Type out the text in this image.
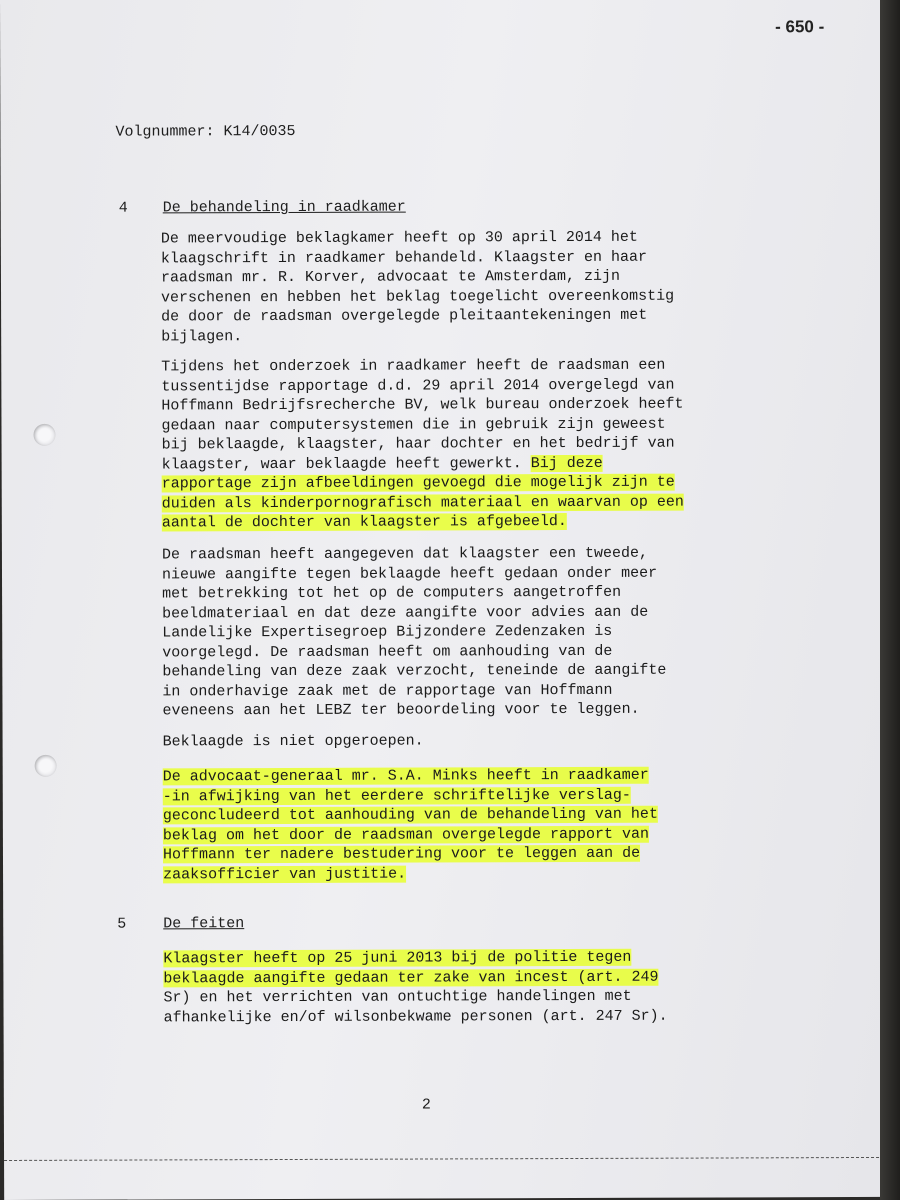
- 650 -
Volgnummer: K14/0035
4 De behandeling in raadkamer
De meervoudige beklagkamer heeft op 30 april 2014 het
klaagschrift in raadkamer behandeld. Klaagster en haar
raadsman mr. R. Korver, advocaat te Amsterdam, zijn
verschenen en hebben het beklag toegelicht overeenkomstig
de door de raadsman overgelegde pleitaantekeningen met
bijlagen.
Tijdens het onderzoek in raadkamer heeft de raadsman een
tussentijdse rapportage d.d. 29 april 2014 overgelegd van
Hoffmann Bedrijfsrecherche BV, welk bureau onderzoek heeft
gedaan naar computersystemen die in gebruik zijn geweest
bij beklaagde, klaagster, haar dochter en het bedrijf van
klaagster, waar beklaagde heeft gewerkt. Bij deze
rapportage zijn afbeeldingen gevoegd die mogelijk zijn te
duiden als kinderpornografisch materiaal en waarvan op een
aantal de dochter van klaagster is afgebeeld.
De raadsman heeft aangegeven dat klaagster een tweede,
nieuwe aangifte tegen beklaagde heeft gedaan onder meer
met betrekking tot het op de computers aangetroffen
beeldmateriaal en dat deze aangifte voor advies aan de
Landelijke Expertisegroep Bijzondere Zedenzaken is
voorgelegd. De raadsman heeft om aanhouding van de
behandeling van deze zaak verzocht, teneinde de aangifte
in onderhavige zaak met de rapportage van Hoffmann
eveneens aan het LEBZ ter beoordeling voor te leggen.
Beklaagde is niet opgeroepen.
De advocaat-generaal mr. S.A. Minks heeft in raadkamer
-in afwijking van het eerdere schriftelijke verslag-
geconcludeerd tot aanhouding van de behandeling van het
beklag om het door de raadsman overgelegde rapport van
Hoffmann ter nadere bestudering voor te leggen aan de
zaaksofficier van justitie.
5 De feiten
Klaagster heeft op 25 juni 2013 bij de politie tegen
beklaagde aangifte gedaan ter zake van incest (art. 249
Sr) en het verrichten van ontuchtige handelingen met
afhankelijke en/of wilsonbekwame personen (art. 247 Sr).
2
